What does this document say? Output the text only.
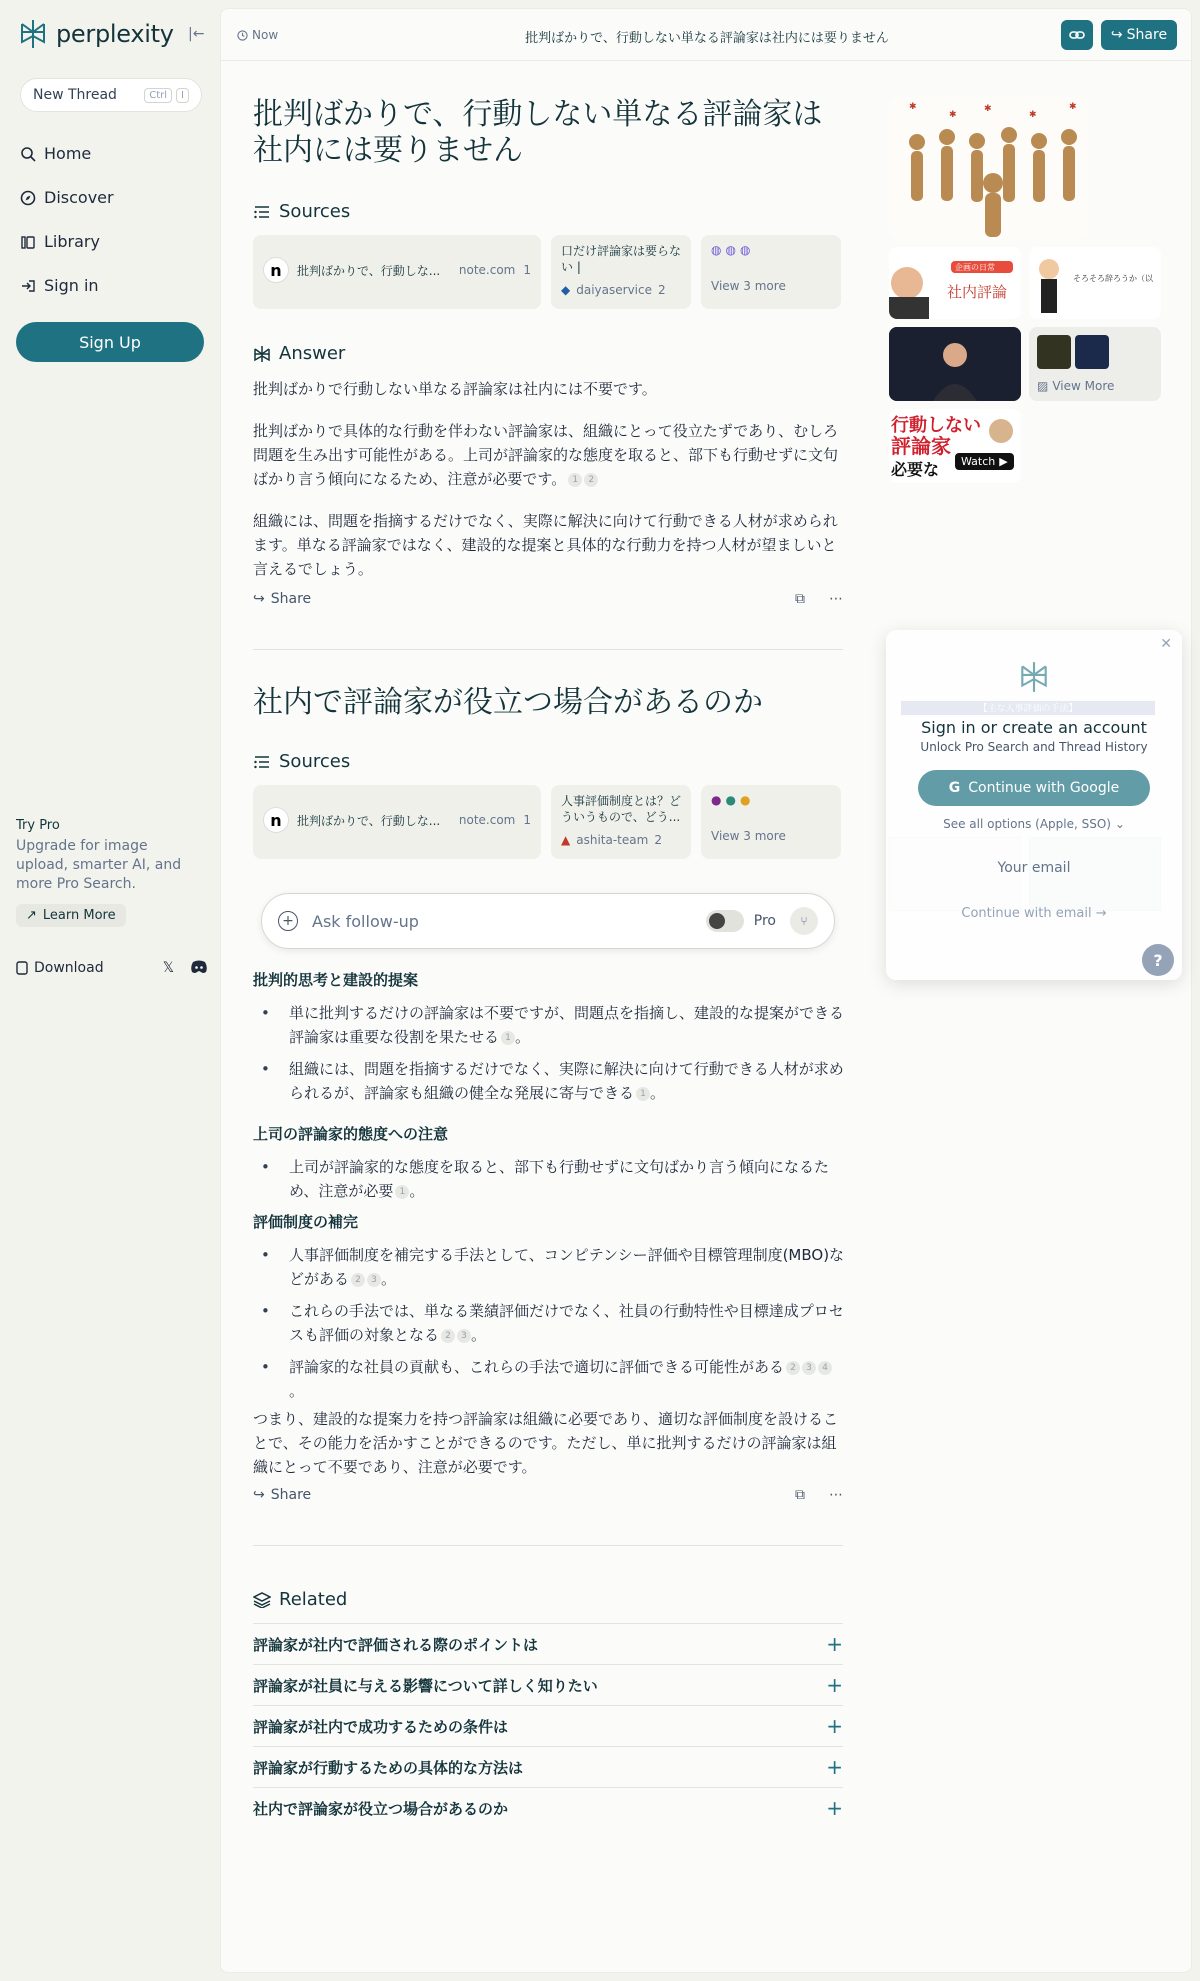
perplexity |←
New Thread	Ctrl	I
Home
Discover
Library
Sign in
Sign Up
Try Pro
Upgrade for image upload, smarter AI, and more Pro Search.
↗ Learn More
Download	𝕏
Now	批判ばかりで、行動しない単なる評論家は社内には要りません	↪ Share
批判ばかりで、行動しない単なる評論家は社内には要りません
Sources
n	批判ばかりで、行動しな...	note.com 1
口だけ評論家は要らない |
◆ daiyaservice 2
◍ ◍ ◍
View 3 more
Answer

批判ばかりで行動しない単なる評論家は社内には不要です。

批判ばかりで具体的な行動を伴わない評論家は、組織にとって役立たずであり、むしろ問題を生み出す可能性がある。上司が評論家的な態度を取ると、部下も行動せずに文句ばかり言う傾向になるため、注意が必要です。 1 2

組織には、問題を指摘するだけでなく、実際に解決に向けて行動できる人材が求められます。単なる評論家ではなく、建設的な提案と具体的な行動力を持つ人材が望ましいと言えるでしょう。

↪ Share	⧉ ⋯
社内で評論家が役立つ場合があるのか
Sources
n	批判ばかりで、行動しな...	note.com 1
人事評価制度とは？どういうもので、どう...
▲ ashita-team 2
● ● ●
View 3 more
+ Ask follow-up	Pro	⑂
批判的思考と建設的提案
• 単に批判するだけの評論家は不要ですが、問題点を指摘し、建設的な提案ができる評論家は重要な役割を果たせる 1 。
• 組織には、問題を指摘するだけでなく、実際に解決に向けて行動できる人材が求められるが、評論家も組織の健全な発展に寄与できる 1 。
上司の評論家的態度への注意
• 上司が評論家的な態度を取ると、部下も行動せずに文句ばかり言う傾向になるため、注意が必要 1 。
評価制度の補完
• 人事評価制度を補完する手法として、コンピテンシー評価や目標管理制度(MBO)などがある 2 3 。
• これらの手法では、単なる業績評価だけでなく、社員の行動特性や目標達成プロセスも評価の対象となる 2 3 。
• 評論家的な社員の貢献も、これらの手法で適切に評価できる可能性がある 2 3 4。

つまり、建設的な提案力を持つ評論家は組織に必要であり、適切な評価制度を設けることで、その能力を活かすことができるのです。ただし、単に批判するだけの評論家は組織にとって不要であり、注意が必要です。

↪ Share	⧉ ⋯
Related
評論家が社内で評価される際のポイントは	+
評論家が社員に与える影響について詳しく知りたい	+
評論家が社内で成功するための条件は	+
評論家が行動するための具体的な方法は	+
社内で評論家が役立つ場合があるのか	+
✱
✱
✱
✱
✱
企画の日常
社内評論
そろそろ辞ろうか（以
▨ View More
行動しない
評論家
必要な Watch ▶
✕
Sign in or create an account
Unlock Pro Search and Thread History
G Continue with Google
See all options (Apple, SSO) ⌄
Your email
Continue with email →
?
